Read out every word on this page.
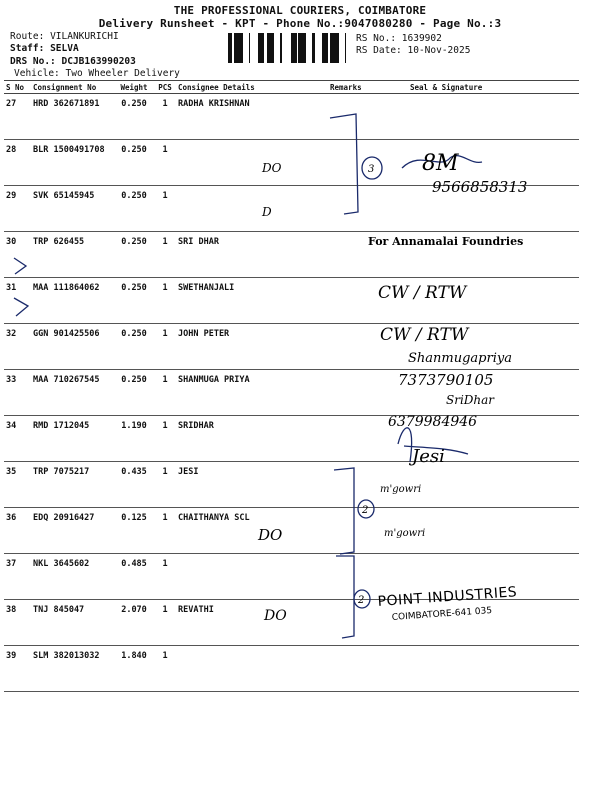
THE PROFESSIONAL COURIERS, COIMBATORE
Delivery Runsheet - KPT - Phone No.:9047080280 - Page No.:3
Route: VILANKURICHI
Staff: SELVA
DRS No.: DCJB163990203
Vehicle: Two Wheeler Delivery
RS No.: 1639902
RS Date: 10-Nov-2025
S No	Consignment No	Weight	PCS	Consignee Details	Remarks	Seal & Signature
27	HRD 362671891	0.250	1	RADHA KRISHNAN		
28	BLR 1500491708	0.250	1			
29	SVK 65145945	0.250	1			
30	TRP 626455	0.250	1	SRI DHAR		
31	MAA 111864062	0.250	1	SWETHANJALI		
32	GGN 901425506	0.250	1	JOHN PETER		
33	MAA 710267545	0.250	1	SHANMUGA PRIYA		
34	RMD 1712045	1.190	1	SRIDHAR		
35	TRP 7075217	0.435	1	JESI		
36	EDQ 20916427	0.125	1	CHAITHANYA SCL		
37	NKL 3645602	0.485	1			
38	TNJ 845047	2.070	1	REVATHI		
39	SLM 382013032	1.840	1			
DO
D
DO
DO
3
2
2
8M
9566858313
CW / RTW
CW / RTW
Shanmugapriya
7373790105
SriDhar
6379984946
Jesi
m'gowri
m'gowri
For Annamalai Foundries
POINT INDUSTRIES
COIMBATORE-641 035
